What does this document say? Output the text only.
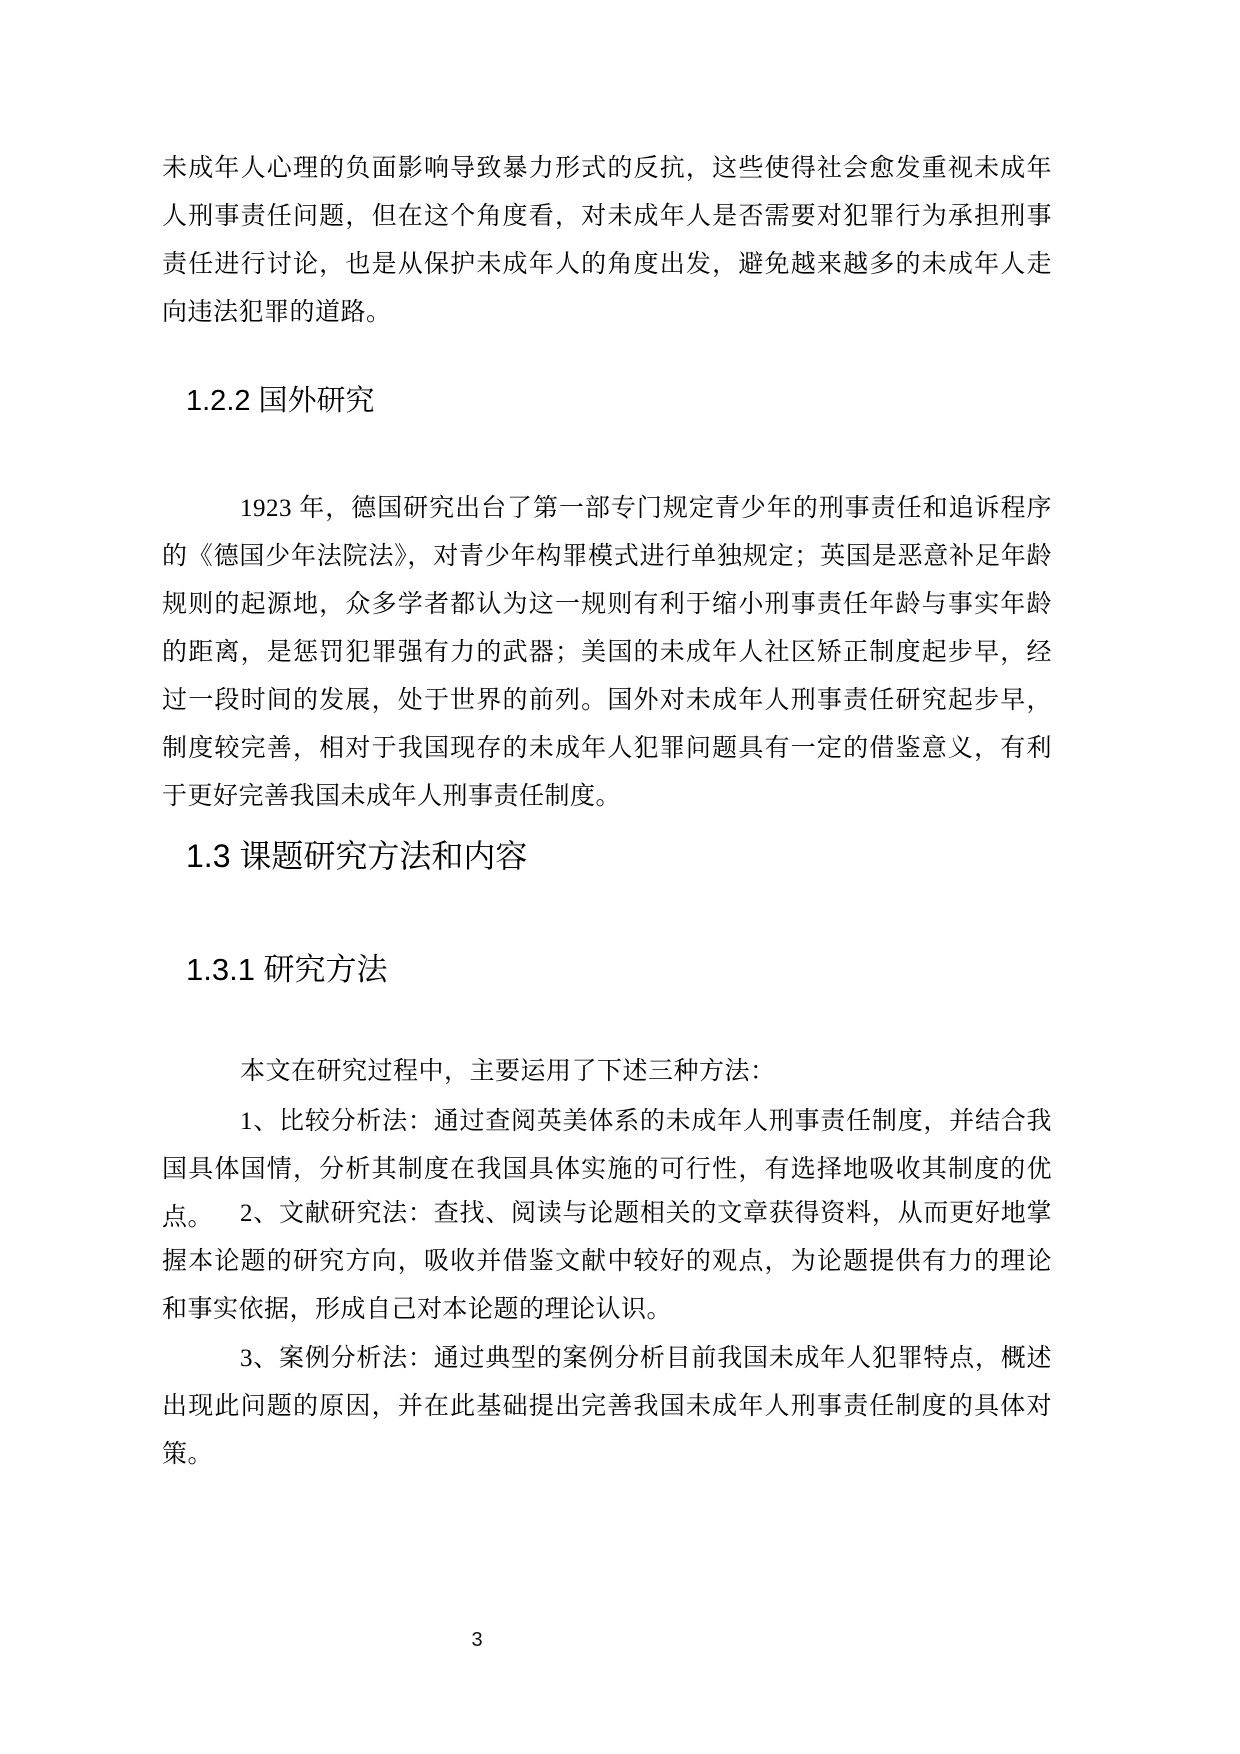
未成年人心理的负面影响导致暴力形式的反抗，这些使得社会愈发重视未成年人刑事责任问题，但在这个角度看，对未成年人是否需要对犯罪行为承担刑事责任进行讨论，也是从保护未成年人的角度出发，避免越来越多的未成年人走向违法犯罪的道路。

1.2.2 国外研究

1923 年，德国研究出台了第一部专门规定青少年的刑事责任和追诉程序的《德国少年法院法》，对青少年构罪模式进行单独规定；英国是恶意补足年龄规则的起源地，众多学者都认为这一规则有利于缩小刑事责任年龄与事实年龄的距离，是惩罚犯罪强有力的武器；美国的未成年人社区矫正制度起步早，经过一段时间的发展，处于世界的前列。国外对未成年人刑事责任研究起步早，制度较完善，相对于我国现存的未成年人犯罪问题具有一定的借鉴意义，有利于更好完善我国未成年人刑事责任制度。

1.3 课题研究方法和内容
1.3.1 研究方法

本文在研究过程中，主要运用了下述三种方法：

1、比较分析法：通过查阅英美体系的未成年人刑事责任制度，并结合我国具体国情，分析其制度在我国具体实施的可行性，有选择地吸收其制度的优点。	2、文献研究法：查找、阅读与论题相关的文章获得资料，从而更好地掌握本论题的研究方向，吸收并借鉴文献中较好的观点，为论题提供有力的理论和事实依据，形成自己对本论题的理论认识。

3、案例分析法：通过典型的案例分析目前我国未成年人犯罪特点，概述出现此问题的原因，并在此基础提出完善我国未成年人刑事责任制度的具体对策。

3
